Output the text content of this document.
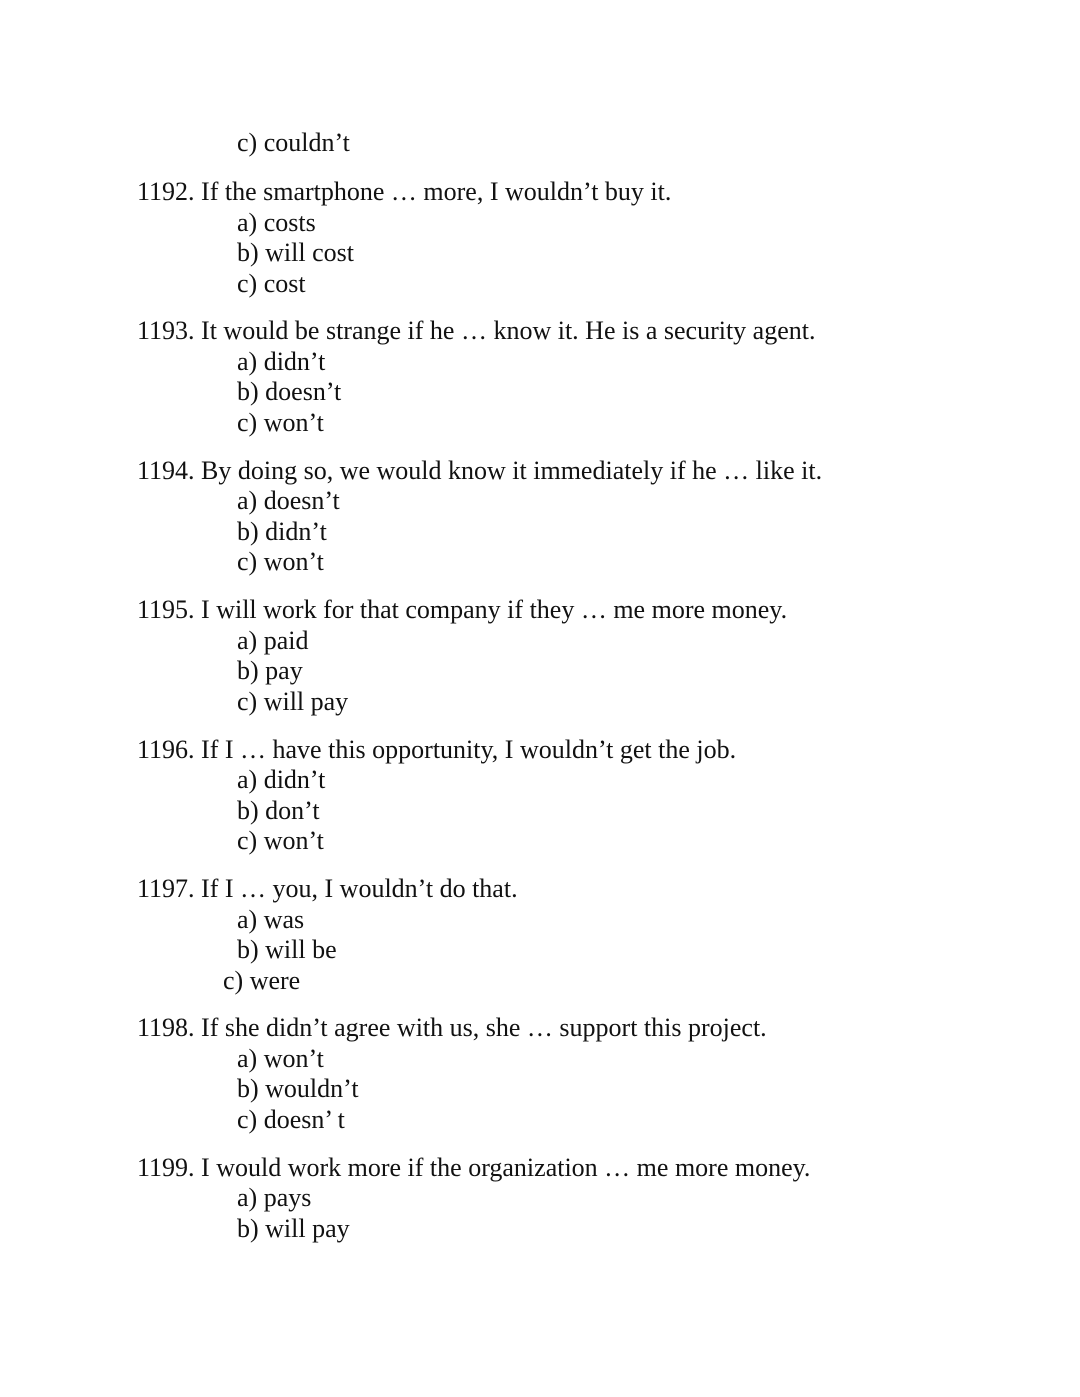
c) couldn’t
1192. If the smartphone … more, I wouldn’t buy it.
a) costs
b) will cost
c) cost
1193. It would be strange if he … know it. He is a security agent.
a) didn’t
b) doesn’t
c) won’t
1194. By doing so, we would know it immediately if he … like it.
a) doesn’t
b) didn’t
c) won’t
1195. I will work for that company if they … me more money.
a) paid
b) pay
c) will pay
1196. If I … have this opportunity, I wouldn’t get the job.
a) didn’t
b) don’t
c) won’t
1197. If I … you, I wouldn’t do that.
a) was
b) will be
c) were
1198. If she didn’t agree with us, she … support this project.
a) won’t
b) wouldn’t
c) doesn’ t
1199. I would work more if the organization … me more money.
a) pays
b) will pay
